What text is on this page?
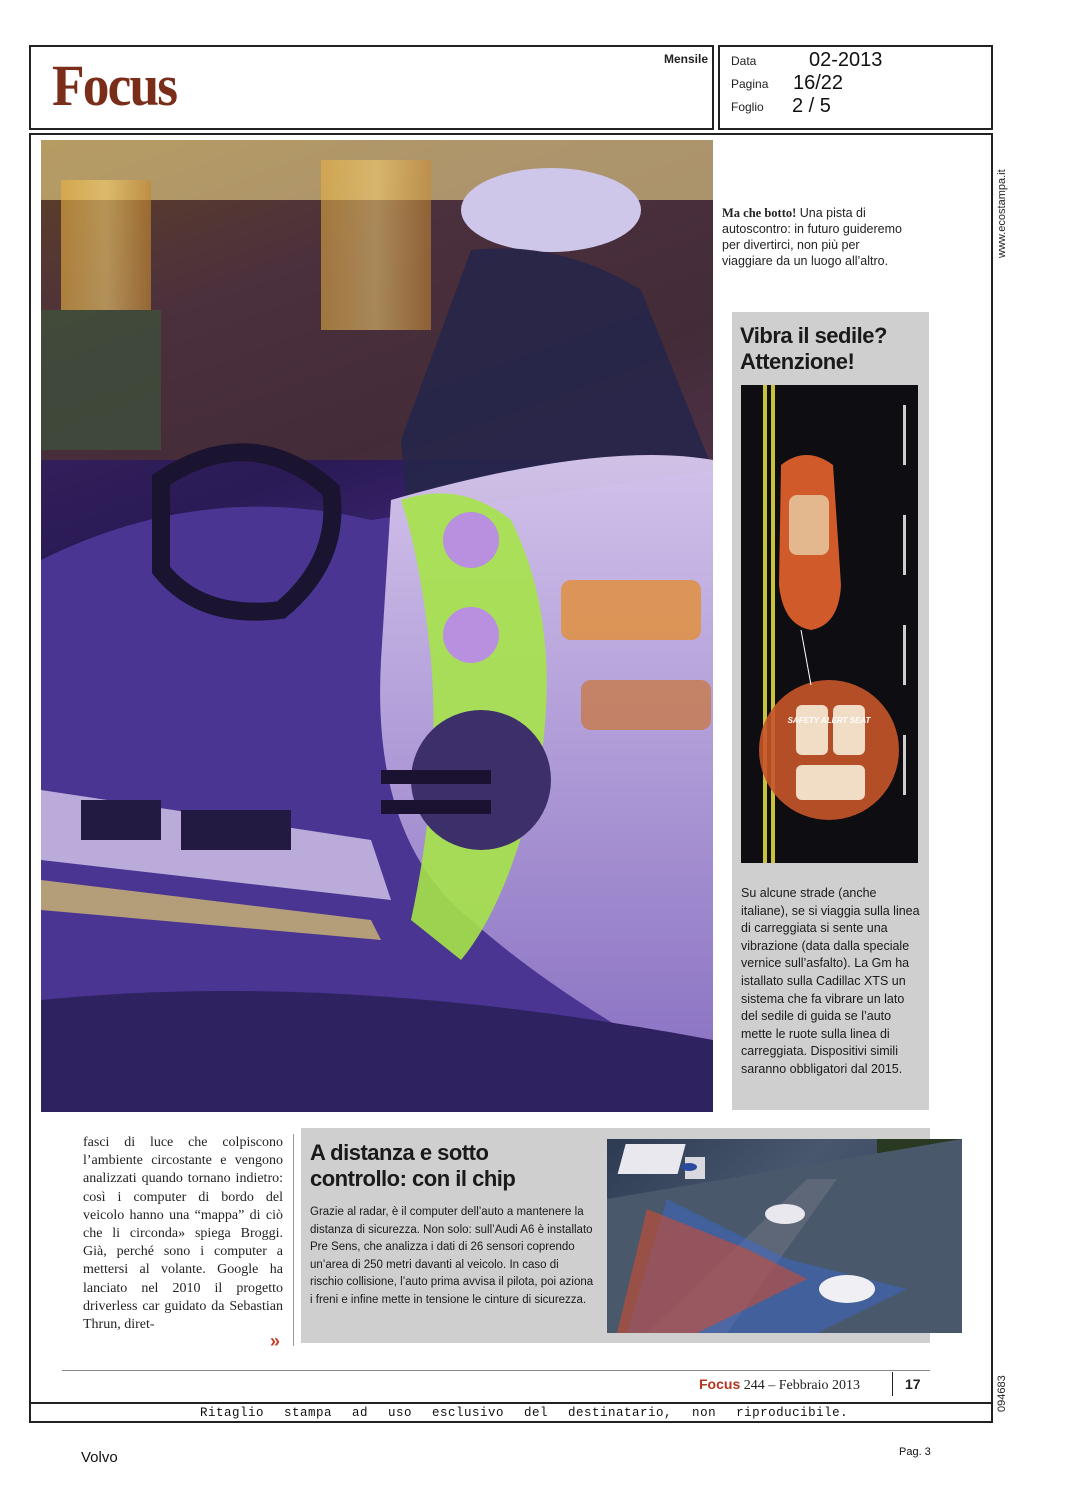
Focus	Mensile Data	02-2013
Pagina 16/22
Foglio 2 / 5
www.ecostampa.it
094683
Ma che botto! Una pista di autoscontro: in futuro guideremo per divertirci, non più per viaggiare da un luogo all’altro.
Vibra il sedile?
Attenzione!
SAFETY ALERT SEAT
Su alcune strade (anche italiane), se si viaggia sulla linea di carreggiata si sente una vibrazione (data dalla speciale vernice sull’asfalto). La Gm ha istallato sulla Cadillac XTS un sistema che fa vibrare un lato del sedile di guida se l’auto mette le ruote sulla linea di carreggiata. Dispositivi simili saranno obbligatori dal 2015.
fasci di luce che colpiscono l’ambiente circostante e vengono analizzati quando tornano indietro: così i computer di bordo del veicolo hanno una “mappa” di ciò che li circonda» spiega Broggi. Già, perché sono i computer a mettersi al volante. Google ha lanciato nel 2010 il progetto driverless car guidato da Sebastian Thrun, diret-
»
A distanza e sotto
controllo: con il chip
Grazie al radar, è il computer dell’auto a mantenere la distanza di sicurezza. Non solo: sull’Audi A6 è installato Pre Sens, che analizza i dati di 26 sensori coprendo un’area di 250 metri davanti al veicolo. In caso di rischio collisione, l’auto prima avvisa il pilota, poi aziona i freni e infine mette in tensione le cinture di sicurezza.
Focus 244 – Febbraio 2013	17
Ritaglio stampa ad uso esclusivo del destinatario, non riproducibile.
Volvo	Pag. 3
